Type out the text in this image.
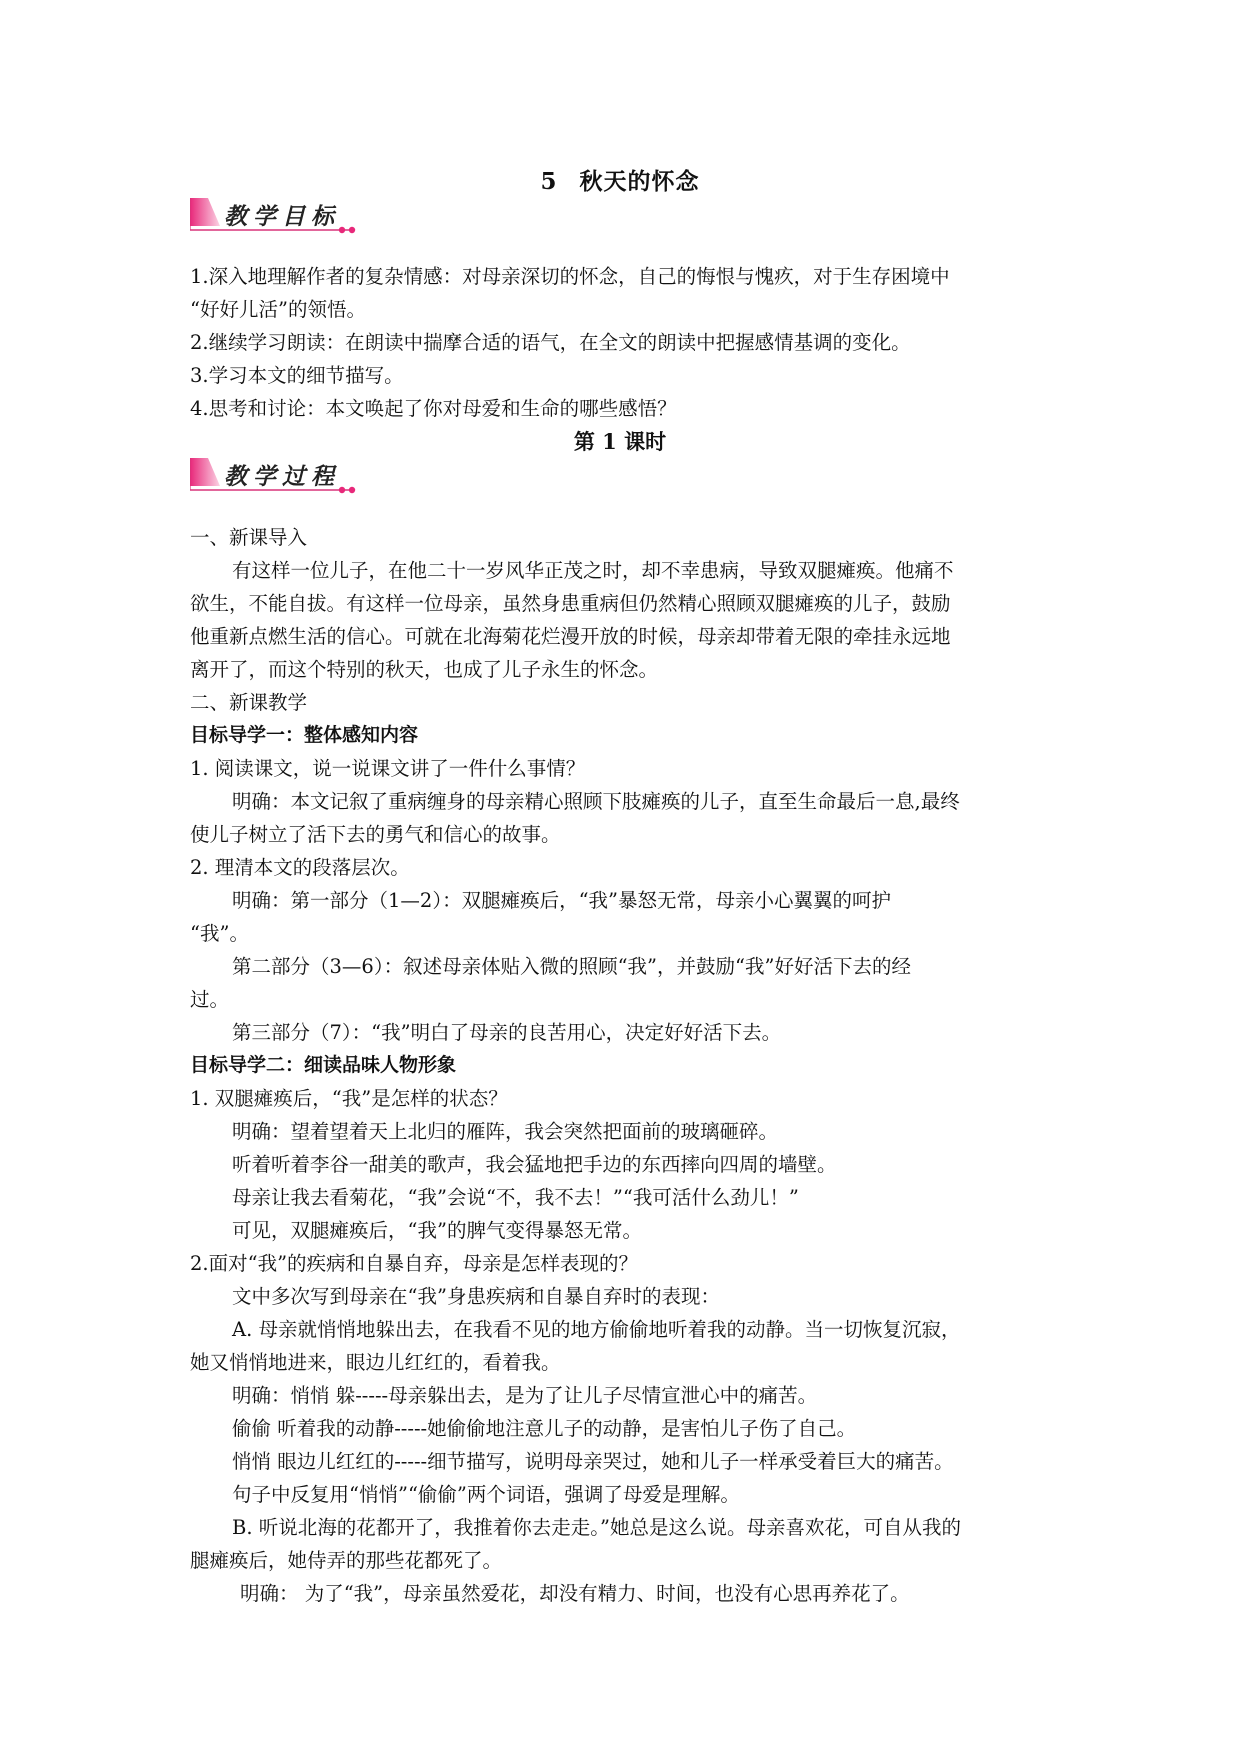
5 秋天的怀念
教学目标
1.深入地理解作者的复杂情感：对母亲深切的怀念，自己的悔恨与愧疚，对于生存困境中
“好好儿活”的领悟。
2.继续学习朗读：在朗读中揣摩合适的语气，在全文的朗读中把握感情基调的变化。
3.学习本文的细节描写。
4.思考和讨论：本文唤起了你对母爱和生命的哪些感悟？
第 1 课时
教学过程
一、新课导入
有这样一位儿子，在他二十一岁风华正茂之时，却不幸患病，导致双腿瘫痪。他痛不
欲生，不能自拔。有这样一位母亲，虽然身患重病但仍然精心照顾双腿瘫痪的儿子，鼓励
他重新点燃生活的信心。可就在北海菊花烂漫开放的时候，母亲却带着无限的牵挂永远地
离开了，而这个特别的秋天，也成了儿子永生的怀念。
二、新课教学
目标导学一：整体感知内容
1. 阅读课文，说一说课文讲了一件什么事情？
明确：本文记叙了重病缠身的母亲精心照顾下肢瘫痪的儿子，直至生命最后一息,最终
使儿子树立了活下去的勇气和信心的故事。
2. 理清本文的段落层次。
明确：第一部分（1—2）：双腿瘫痪后，“我”暴怒无常，母亲小心翼翼的呵护
“我”。
第二部分（3—6）：叙述母亲体贴入微的照顾“我”，并鼓励“我”好好活下去的经
过。
第三部分（7）：“我”明白了母亲的良苦用心，决定好好活下去。
目标导学二：细读品味人物形象
1. 双腿瘫痪后，“我”是怎样的状态？
明确：望着望着天上北归的雁阵，我会突然把面前的玻璃砸碎。
听着听着李谷一甜美的歌声，我会猛地把手边的东西摔向四周的墙壁。
母亲让我去看菊花，“我”会说“不，我不去！”“我可活什么劲儿！”
可见，双腿瘫痪后，“我”的脾气变得暴怒无常。
2.面对“我”的疾病和自暴自弃，母亲是怎样表现的？
文中多次写到母亲在“我”身患疾病和自暴自弃时的表现：
A. 母亲就悄悄地躲出去，在我看不见的地方偷偷地听着我的动静。当一切恢复沉寂，
她又悄悄地进来，眼边儿红红的，看着我。
明确：悄悄 躲-----母亲躲出去，是为了让儿子尽情宣泄心中的痛苦。
偷偷 听着我的动静-----她偷偷地注意儿子的动静，是害怕儿子伤了自己。
悄悄 眼边儿红红的-----细节描写，说明母亲哭过，她和儿子一样承受着巨大的痛苦。
句子中反复用“悄悄”“偷偷”两个词语，强调了母爱是理解。
B. 听说北海的花都开了，我推着你去走走。”她总是这么说。母亲喜欢花，可自从我的
腿瘫痪后，她侍弄的那些花都死了。
明确： 为了“我”，母亲虽然爱花，却没有精力、时间，也没有心思再养花了。
